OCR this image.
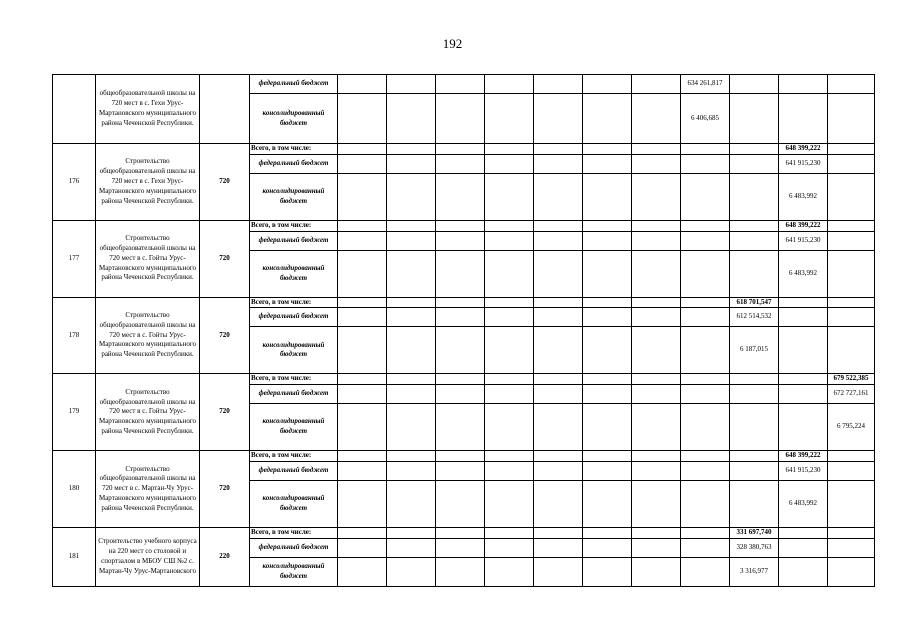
192
	общеобразовательной школы на 720 мест в с. Гехи Урус-Мартановского муниципального района Чеченской Республики.		федеральный бюджет								634 261,817			
			консолидированный бюджет								6 406,685			
176	Строительство общеобразовательной школы на 720 мест в с. Гехи Урус-Мартановского муниципального района Чеченской Республики.	720	Всего, в том числе:										648 399,222	
			федеральный бюджет										641 915,230	
			консолидированный бюджет										6 483,992	
177	Строительство общеобразовательной школы на 720 мест в с. Гойты Урус-Мартановского муниципального района Чеченской Республики.	720	Всего, в том числе:										648 399,222	
			федеральный бюджет										641 915,230	
			консолидированный бюджет										6 483,992	
178	Строительство общеобразовательной школы на 720 мест в с. Гойты Урус-Мартановского муниципального района Чеченской Республики.	720	Всего, в том числе:									618 701,547		
			федеральный бюджет									612 514,532		
			консолидированный бюджет									6 187,015		
179	Строительство общеобразовательной школы на 720 мест в с. Гойты Урус-Мартановского муниципального района Чеченской Республики.	720	Всего, в том числе:											679 522,385
			федеральный бюджет											672 727,161
			консолидированный бюджет											6 795,224
180	Строительство общеобразовательной школы на 720 мест в с. Мартан-Чу Урус-Мартановского муниципального района Чеченской Республики.	720	Всего, в том числе:										648 399,222	
			федеральный бюджет										641 915,230	
			консолидированный бюджет										6 483,992	
181	Строительство учебного корпуса на 220 мест со столовой и спортзалом в МБОУ СШ №2 с. Мартан-Чу Урус-Мартановского	220	Всего, в том числе:									331 697,740		
			федеральный бюджет									328 380,763		
			консолидированный бюджет									3 316,977		
